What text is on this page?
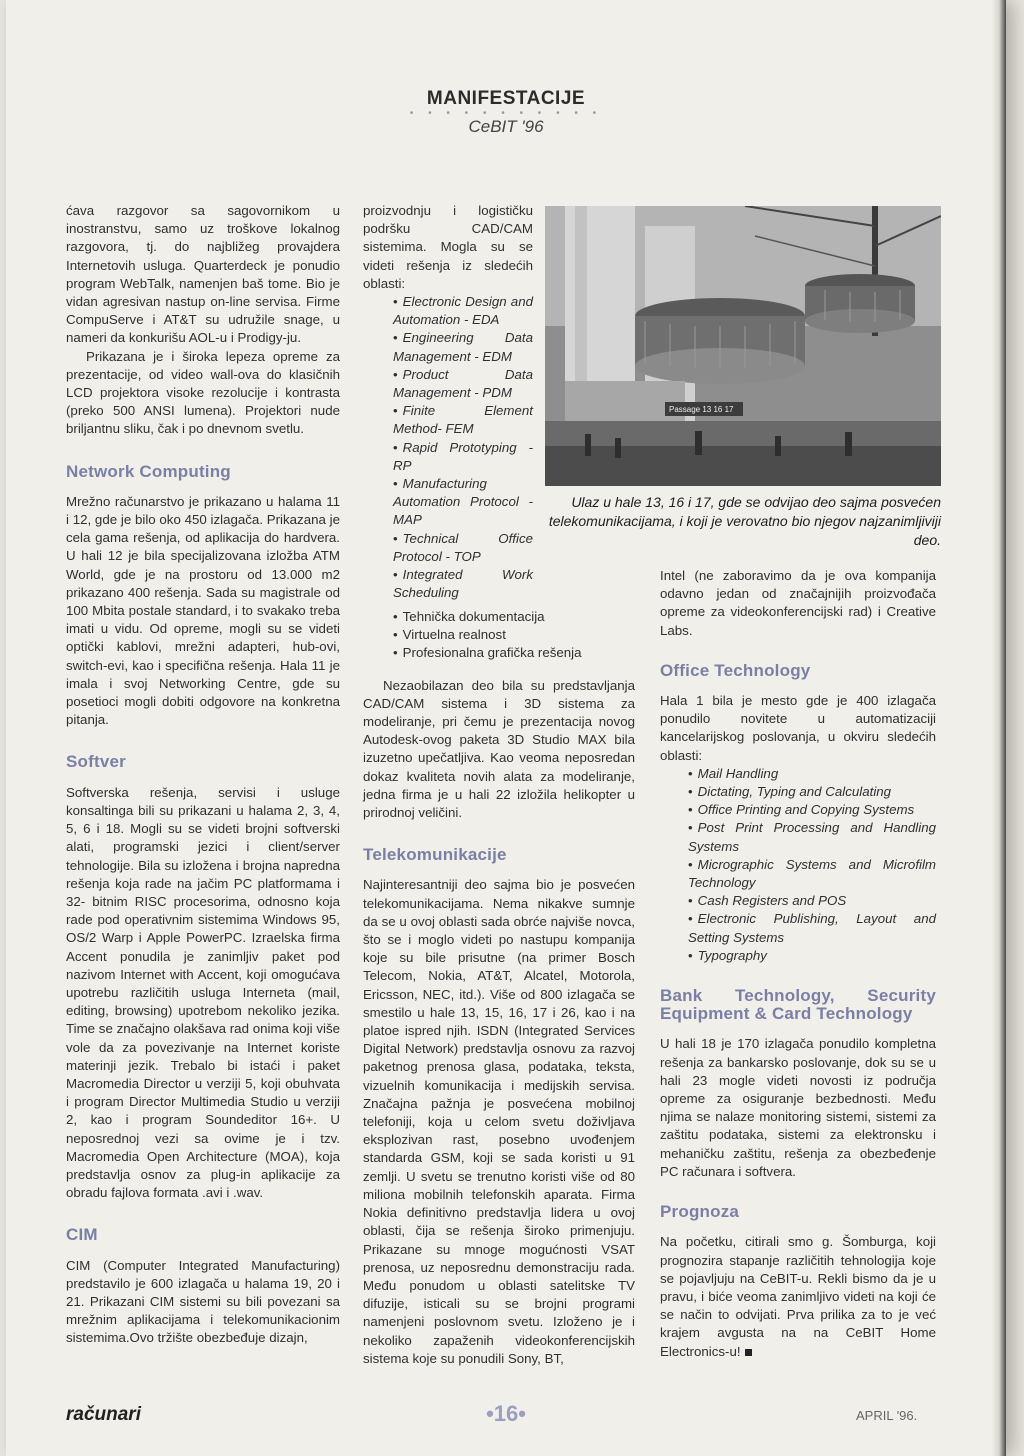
MANIFESTACIJE
• • • • • • • • • • •
CeBIT '96

ćava razgovor sa sagovornikom u inostranstvu, samo uz troškove lokalnog razgovora, tj. do najbližeg provajdera Internetovih usluga. Quarterdeck je ponudio program WebTalk, namenjen baš tome. Bio je vidan agresivan nastup on-line servisa. Firme CompuServe i AT&T su udružile snage, u nameri da konkurišu AOL-u i Prodigy-ju.

Prikazana je i široka lepeza opreme za prezentacije, od video wall-ova do klasičnih LCD projektora visoke rezolucije i kontrasta (preko 500 ANSI lumena). Projektori nude briljantnu sliku, čak i po dnevnom svetlu.

Network Computing

Mrežno računarstvo je prikazano u halama 11 i 12, gde je bilo oko 450 izlagača. Prikazana je cela gama rešenja, od aplikacija do hardvera. U hali 12 je bila specijalizovana izložba ATM World, gde je na prostoru od 13.000 m2 prikazano 400 rešenja. Sada su magistrale od 100 Mbita postale standard, i to svakako treba imati u vidu. Od opreme, mogli su se videti optički kablovi, mrežni adapteri, hub-ovi, switch-evi, kao i specifična rešenja. Hala 11 je imala i svoj Networking Centre, gde su posetioci mogli dobiti odgovore na konkretna pitanja.

Softver

Softverska rešenja, servisi i usluge konsaltinga bili su prikazani u halama 2, 3, 4, 5, 6 i 18. Mogli su se videti brojni softverski alati, programski jezici i client/server tehnologije. Bila su izložena i brojna napredna rešenja koja rade na jačim PC platformama i 32- bitnim RISC procesorima, odnosno koja rade pod operativnim sistemima Windows 95, OS/2 Warp i Apple PowerPC. Izraelska firma Accent ponudila je zanimljiv paket pod nazivom Internet with Accent, koji omogućava upotrebu različitih usluga Interneta (mail, editing, browsing) upotrebom nekoliko jezika. Time se značajno olakšava rad onima koji više vole da za povezivanje na Internet koriste materinji jezik. Trebalo bi istaći i paket Macromedia Director u verziji 5, koji obuhvata i program Director Multimedia Studio u verziji 2, kao i program Soundeditor 16+. U neposrednoj vezi sa ovime je i tzv. Macromedia Open Architecture (MOA), koja predstavlja osnov za plug-in aplikacije za obradu fajlova formata .avi i .wav.

CIM

CIM (Computer Integrated Manufacturing) predstavilo je 600 izlagača u halama 19, 20 i 21. Prikazani CIM sistemi su bili povezani sa mrežnim aplikacijama i telekomunikacionim sistemima.Ovo tržište obezbeđuje dizajn,

proizvodnju i logističku podršku CAD/CAM sistemima. Mogla su se videti rešenja iz sledećih oblasti:

• Electronic Design and Automation - EDA
• Engineering Data Management - EDM
• Product Data Management - PDM
• Finite Element Method- FEM
• Rapid Prototyping - RP
• Manufacturing Automation Protocol - MAP
• Technical Office Protocol - TOP
• Integrated Work Scheduling
• Tehnička dokumentacija
• Virtuelna realnost
• Profesionalna grafička rešenja

Nezaobilazan deo bila su predstavljanja CAD/CAM sistema i 3D sistema za modeliranje, pri čemu je prezentacija novog Autodesk-ovog paketa 3D Studio MAX bila izuzetno upečatljiva. Kao veoma neposredan dokaz kvaliteta novih alata za modeliranje, jedna firma je u hali 22 izložila helikopter u prirodnoj veličini.

Telekomunikacije

Najinteresantniji deo sajma bio je posvećen telekomunikacijama. Nema nikakve sumnje da se u ovoj oblasti sada obrće najviše novca, što se i moglo videti po nastupu kompanija koje su bile prisutne (na primer Bosch Telecom, Nokia, AT&T, Alcatel, Motorola, Ericsson, NEC, itd.). Više od 800 izlagača se smestilo u hale 13, 15, 16, 17 i 26, kao i na platoe ispred njih. ISDN (Integrated Services Digital Network) predstavlja osnovu za razvoj paketnog prenosa glasa, podataka, teksta, vizuelnih komunikacija i medijskih servisa. Značajna pažnja je posvećena mobilnoj telefoniji, koja u celom svetu doživljava eksplozivan rast, posebno uvođenjem standarda GSM, koji se sada koristi u 91 zemlji. U svetu se trenutno koristi više od 80 miliona mobilnih telefonskih aparata. Firma Nokia definitivno predstavlja lidera u ovoj oblasti, čija se rešenja široko primenjuju. Prikazane su mnoge mogućnosti VSAT prenosa, uz neposrednu demonstraciju rada. Među ponudom u oblasti satelitske TV difuzije, isticali su se brojni programi namenjeni poslovnom svetu. Izloženo je i nekoliko zapaženih videokonferencijskih sistema koje su ponudili Sony, BT,

Passage 13 16 17
Ulaz u hale 13, 16 i 17, gde se odvijao deo sajma posvećen telekomunikacijama, i koji je verovatno bio njegov najzanimljiviji deo.

Intel (ne zaboravimo da je ova kompanija odavno jedan od značajnijih proizvođača opreme za videokonferencijski rad) i Creative Labs.

Office Technology

Hala 1 bila je mesto gde je 400 izlagača ponudilo novitete u automatizaciji kancelarijskog poslovanja, u okviru sledećih oblasti:

• Mail Handling
• Dictating, Typing and Calculating
• Office Printing and Copying Systems
• Post Print Processing and Handling Systems
• Micrographic Systems and Microfilm Technology
• Cash Registers and POS
• Electronic Publishing, Layout and Setting Systems
• Typography
Bank Technology, Security Equipment & Card Technology

U hali 18 je 170 izlagača ponudilo kompletna rešenja za bankarsko poslovanje, dok su se u hali 23 mogle videti novosti iz područja opreme za osiguranje bezbednosti. Među njima se nalaze monitoring sistemi, sistemi za zaštitu podataka, sistemi za elektronsku i mehaničku zaštitu, rešenja za obezbeđenje PC računara i softvera.

Prognoza

Na početku, citirali smo g. Šomburga, koji prognozira stapanje različitih tehnologija koje se pojavljuju na CeBIT-u. Rekli bismo da je u pravu, i biće veoma zanimljivo videti na koji će se način to odvijati. Prva prilika za to je već krajem avgusta na na CeBIT Home Electronics-u!

računari	•16•	APRIL '96.
